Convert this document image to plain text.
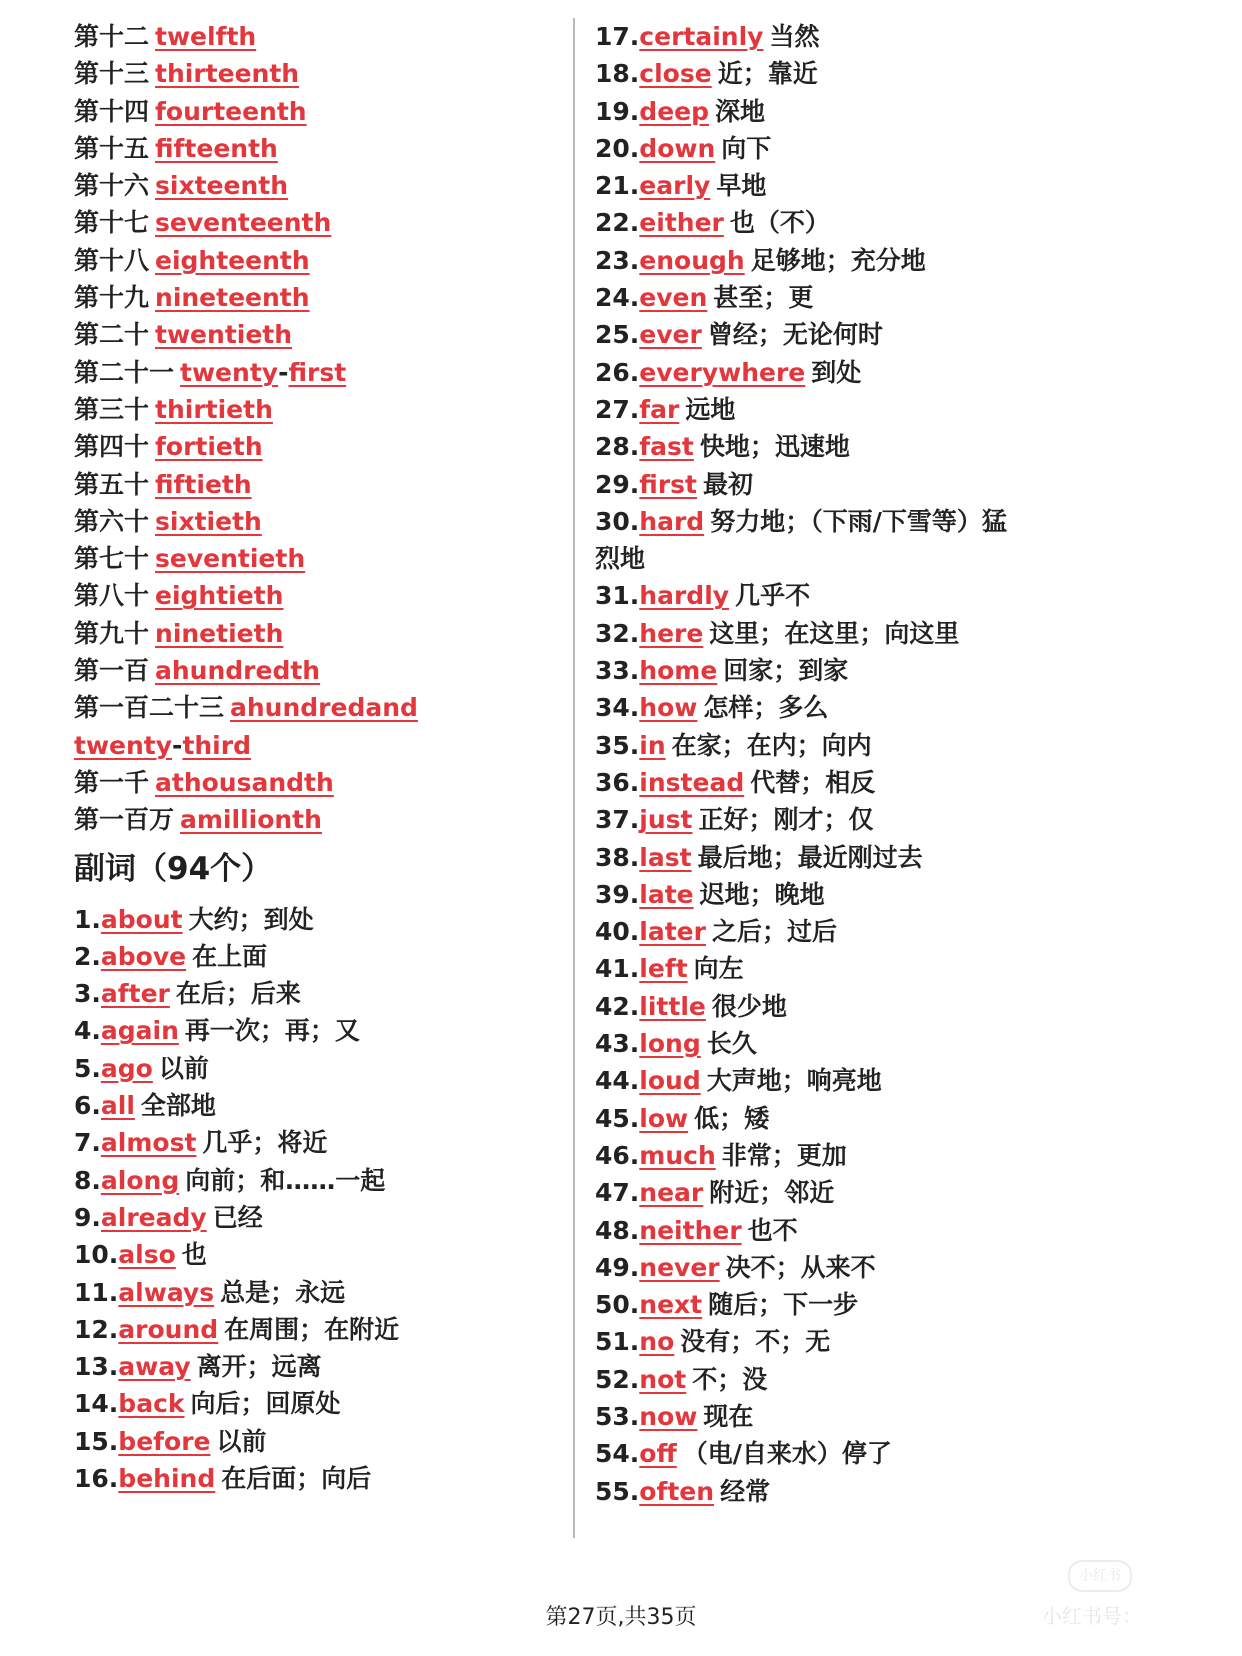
第十二 twelfth
第十三 thirteenth
第十四 fourteenth
第十五 fifteenth
第十六 sixteenth
第十七 seventeenth
第十八 eighteenth
第十九 nineteenth
第二十 twentieth
第二十一 twenty-first
第三十 thirtieth
第四十 fortieth
第五十 fiftieth
第六十 sixtieth
第七十 seventieth
第八十 eightieth
第九十 ninetieth
第一百 ahundredth
第一百二十三 ahundredand
twenty-third
第一千 athousandth
第一百万 amillionth
副词（94个）
1.about 大约；到处
2.above 在上面
3.after 在后；后来
4.again 再一次；再；又
5.ago 以前
6.all 全部地
7.almost 几乎；将近
8.along 向前；和……一起
9.already 已经
10.also 也
11.always 总是；永远
12.around 在周围；在附近
13.away 离开；远离
14.back 向后；回原处
15.before 以前
16.behind 在后面；向后
17.certainly 当然
18.close 近；靠近
19.deep 深地
20.down 向下
21.early 早地
22.either 也（不）
23.enough 足够地；充分地
24.even 甚至；更
25.ever 曾经；无论何时
26.everywhere 到处
27.far 远地
28.fast 快地；迅速地
29.first 最初
30.hard 努力地；（下雨/下雪等）猛
烈地
31.hardly 几乎不
32.here 这里；在这里；向这里
33.home 回家；到家
34.how 怎样；多么
35.in 在家；在内；向内
36.instead 代替；相反
37.just 正好；刚才；仅
38.last 最后地；最近刚过去
39.late 迟地；晚地
40.later 之后；过后
41.left 向左
42.little 很少地
43.long 长久
44.loud 大声地；响亮地
45.low 低；矮
46.much 非常；更加
47.near 附近；邻近
48.neither 也不
49.never 决不；从来不
50.next 随后；下一步
51.no 没有；不；无
52.not 不；没
53.now 现在
54.off （电/自来水）停了
55.often 经常
第27页,共35页
小红书
小红书号：
